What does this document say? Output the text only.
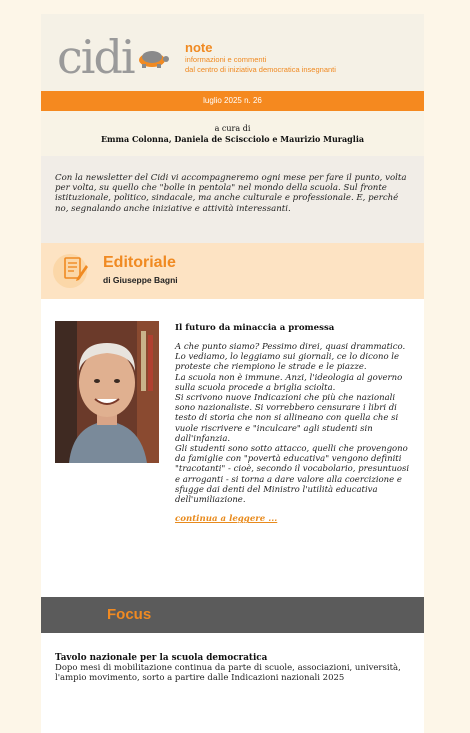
cidi	note
informazioni e commenti
dal centro di iniziativa democratica insegnanti
luglio 2025 n. 26
a cura di
Emma Colonna, Daniela de Sciscciolo e Maurizio Muraglia
Con la newsletter del Cidi vi accompagneremo ogni mese per fare il punto, volta per volta, su quello che "bolle in pentola" nel mondo della scuola. Sul fronte istituzionale, politico, sindacale, ma anche culturale e professionale. E, perché no, segnalando anche iniziative e attività interessanti.
Editoriale
di Giuseppe Bagni
Il futuro da minaccia a promessa

A che punto siamo? Pessimo direi, quasi drammatico. Lo vediamo, lo leggiamo sui giornali, ce lo dicono le proteste che riempiono le strade e le piazze.

La scuola non è immune. Anzi, l'ideologia al governo sulla scuola procede a briglia sciolta.

Si scrivono nuove Indicazioni che più che nazionali sono nazionaliste. Si vorrebbero censurare i libri di testo di storia che non si allineano con quella che si vuole riscrivere e "inculcare" agli studenti sin dall'infanzia.

Gli studenti sono sotto attacco, quelli che provengono da famiglie con "povertà educativa" vengono definiti "tracotanti" - cioè, secondo il vocabolario, presuntuosi e arroganti - si torna a dare valore alla coercizione e sfugge dai denti del Ministro l'utilità educativa dell'umiliazione.

continua a leggere ...
Focus

Tavolo nazionale per la scuola democratica

Dopo mesi di mobilitazione continua da parte di scuole, associazioni, università, l'ampio movimento, sorto a partire dalle Indicazioni nazionali 2025
